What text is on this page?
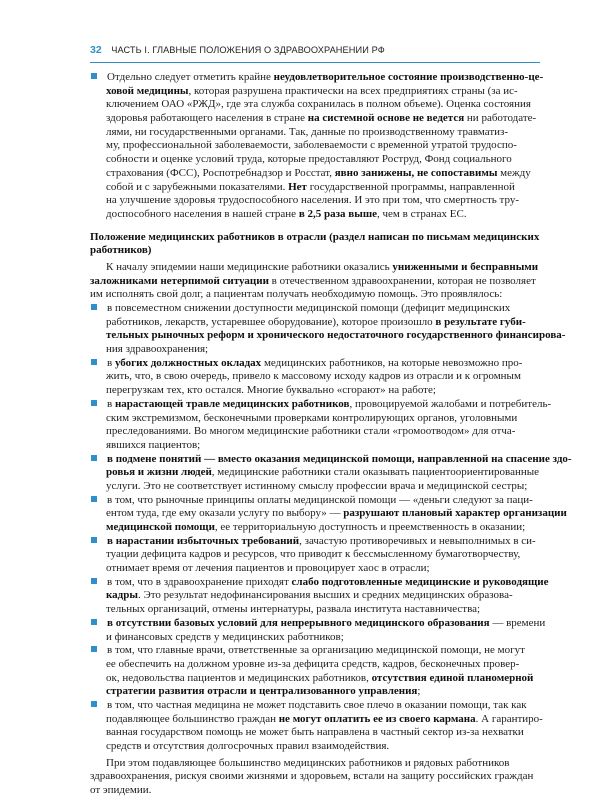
32 ЧАСТЬ I. ГЛАВНЫЕ ПОЛОЖЕНИЯ О ЗДРАВООХРАНЕНИИ РФ
Отдельно следует отметить крайне неудовлетворительное состояние производственно-це-
ховой медицины, которая разрушена практически на всех предприятиях страны (за ис-
ключением ОАО «РЖД», где эта служба сохранилась в полном объеме). Оценка состояния
здоровья работающего населения в стране на системной основе не ведется ни работодате-
лями, ни государственными органами. Так, данные по производственному травматиз-
му, профессиональной заболеваемости, заболеваемости с временной утратой трудоспо-
собности и оценке условий труда, которые предоставляют Роструд, Фонд социального
страхования (ФСС), Роспотребнадзор и Росстат, явно занижены, не сопоставимы между
собой и с зарубежными показателями. Нет государственной программы, направленной
на улучшение здоровья трудоспособного населения. И это при том, что смертность тру-
доспособного населения в нашей стране в 2,5 раза выше, чем в странах ЕС.
Положение медицинских работников в отрасли (раздел написан по письмам медицинских
работников)
К началу эпидемии наши медицинские работники оказались униженными и бесправными
заложниками нетерпимой ситуации в отечественном здравоохранении, которая не позволяет
им исполнять свой долг, а пациентам получать необходимую помощь. Это проявлялось:
в повсеместном снижении доступности медицинской помощи (дефицит медицинских
работников, лекарств, устаревшее оборудование), которое произошло в результате губи-
тельных рыночных реформ и хронического недостаточного государственного финансирова-
ния здравоохранения;
в убогих должностных окладах медицинских работников, на которые невозможно про-
жить, что, в свою очередь, привело к массовому исходу кадров из отрасли и к огромным
перегрузкам тех, кто остался. Многие буквально «сгорают» на работе;
в нарастающей травле медицинских работников, провоцируемой жалобами и потребитель-
ским экстремизмом, бесконечными проверками контролирующих органов, уголовными
преследованиями. Во многом медицинские работники стали «громоотводом» для отча-
явшихся пациентов;
в подмене понятий — вместо оказания медицинской помощи, направленной на спасение здо-
ровья и жизни людей, медицинские работники стали оказывать пациентоориентированные
услуги. Это не соответствует истинному смыслу профессии врача и медицинской сестры;
в том, что рыночные принципы оплаты медицинской помощи — «деньги следуют за паци-
ентом туда, где ему оказали услугу по выбору» — разрушают плановый характер организации
медицинской помощи, ее территориальную доступность и преемственность в оказании;
в нарастании избыточных требований, зачастую противоречивых и невыполнимых в си-
туации дефицита кадров и ресурсов, что приводит к бессмысленному бумаготворчеству,
отнимает время от лечения пациентов и провоцирует хаос в отрасли;
в том, что в здравоохранение приходят слабо подготовленные медицинские и руководящие
кадры. Это результат недофинансирования высших и средних медицинских образова-
тельных организаций, отмены интернатуры, развала института наставничества;
в отсутствии базовых условий для непрерывного медицинского образования — времени
и финансовых средств у медицинских работников;
в том, что главные врачи, ответственные за организацию медицинской помощи, не могут
ее обеспечить на должном уровне из-за дефицита средств, кадров, бесконечных провер-
ок, недовольства пациентов и медицинских работников, отсутствия единой планомерной
стратегии развития отрасли и централизованного управления;
в том, что частная медицина не может подставить свое плечо в оказании помощи, так как
подавляющее большинство граждан не могут оплатить ее из своего кармана. А гарантиро-
ванная государством помощь не может быть направлена в частный сектор из-за нехватки
средств и отсутствия долгосрочных правил взаимодействия.
При этом подавляющее большинство медицинских работников и рядовых работников
здравоохранения, рискуя своими жизнями и здоровьем, встали на защиту российских граждан
от эпидемии.
